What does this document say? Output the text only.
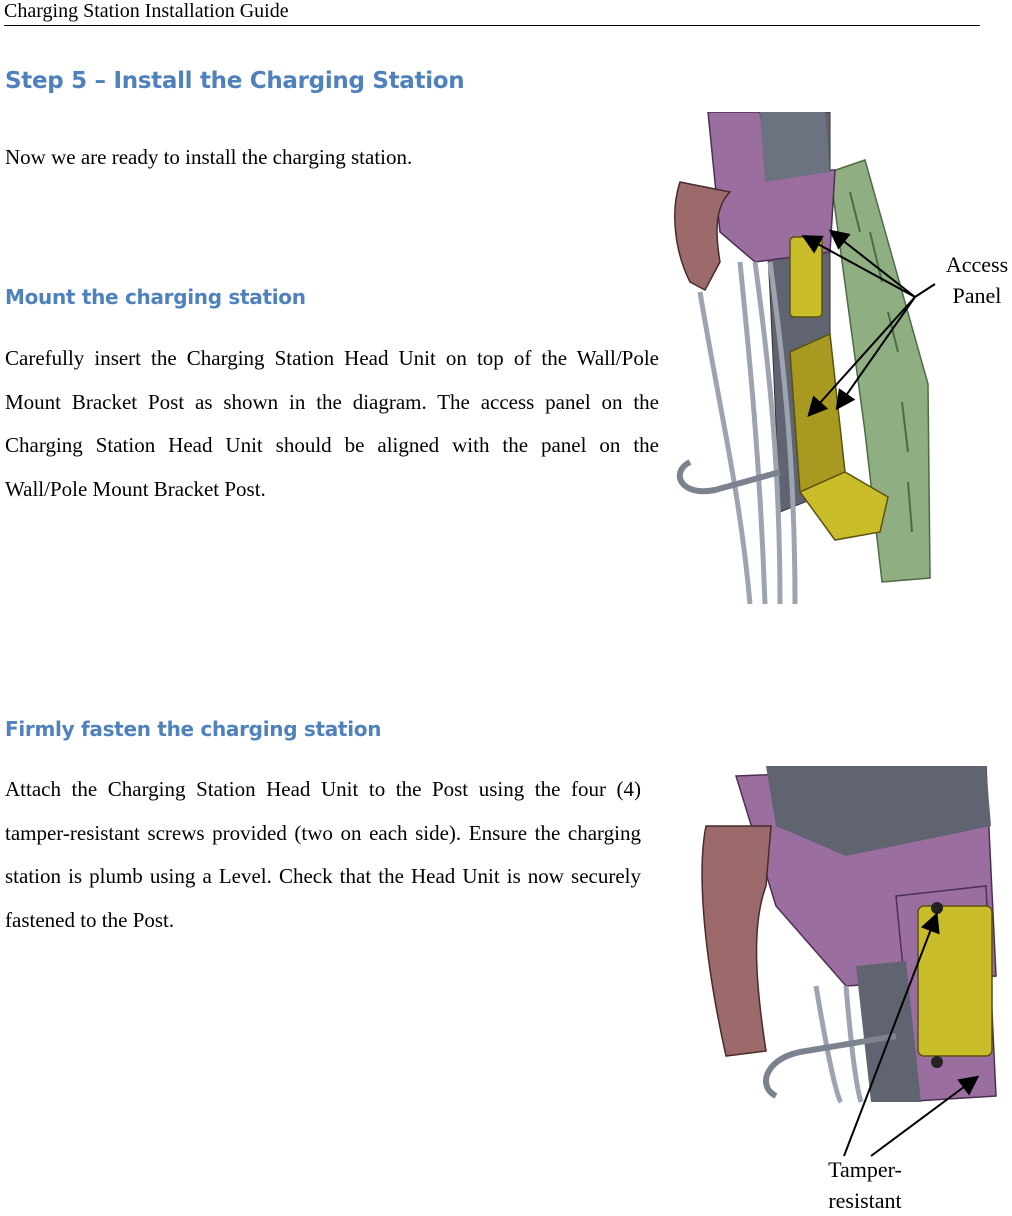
Charging Station Installation Guide
Step 5 – Install the Charging Station
Now we are ready to install the charging station.
Mount the charging station
Carefully insert the Charging Station Head Unit on top of the Wall/Pole Mount Bracket Post as shown in the diagram. The access panel on the Charging Station Head Unit should be aligned with the panel on the Wall/Pole Mount Bracket Post.
Access
Panel
Firmly fasten the charging station
Attach the Charging Station Head Unit to the Post using the four (4) tamper-resistant screws provided (two on each side). Ensure the charging station is plumb using a Level. Check that the Head Unit is now securely fastened to the Post.
Tamper-
resistant
